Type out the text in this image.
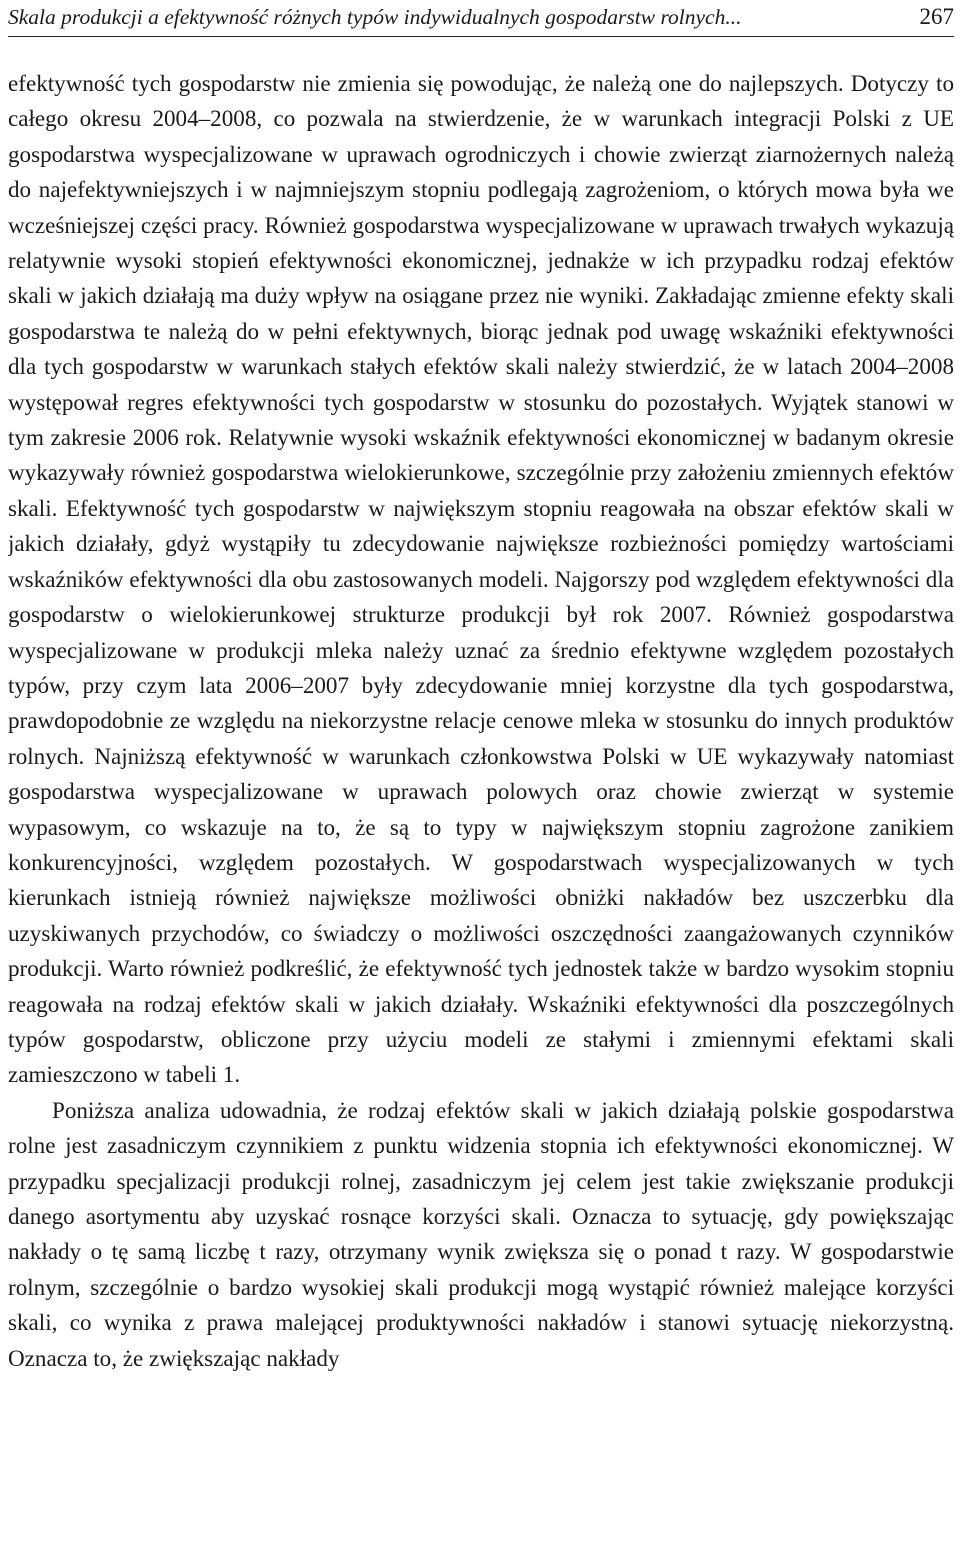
Skala produkcji a efektywność różnych typów indywidualnych gospodarstw rolnych...	267

efektywność tych gospodarstw nie zmienia się powodując, że należą one do najlepszych. Dotyczy to całego okresu 2004–2008, co pozwala na stwierdzenie, że w warunkach integracji Polski z UE gospodarstwa wyspecjalizowane w uprawach ogrodniczych i chowie zwierząt ziarnożernych należą do najefektywniejszych i w najmniejszym stopniu podlegają zagrożeniom, o których mowa była we wcześniejszej części pracy. Również gospodarstwa wyspecjalizowane w uprawach trwałych wykazują relatywnie wysoki stopień efektywności ekonomicznej, jednakże w ich przypadku rodzaj efektów skali w jakich działają ma duży wpływ na osiągane przez nie wyniki. Zakładając zmienne efekty skali gospodarstwa te należą do w pełni efektywnych, biorąc jednak pod uwagę wskaźniki efektywności dla tych gospodarstw w warunkach stałych efektów skali należy stwierdzić, że w latach 2004–2008 występował regres efektywności tych gospodarstw w stosunku do pozostałych. Wyjątek stanowi w tym zakresie 2006 rok. Relatywnie wysoki wskaźnik efektywności ekonomicznej w badanym okresie wykazywały również gospodarstwa wielokierunkowe, szczególnie przy założeniu zmiennych efektów skali. Efektywność tych gospodarstw w największym stopniu reagowała na obszar efektów skali w jakich działały, gdyż wystąpiły tu zdecydowanie największe rozbieżności pomiędzy wartościami wskaźników efektywności dla obu zastosowanych modeli. Najgorszy pod względem efektywności dla gospodarstw o wielokierunkowej strukturze produkcji był rok 2007. Również gospodarstwa wyspecjalizowane w produkcji mleka należy uznać za średnio efektywne względem pozostałych typów, przy czym lata 2006–2007 były zdecydowanie mniej korzystne dla tych gospodarstwa, prawdopodobnie ze względu na niekorzystne relacje cenowe mleka w stosunku do innych produktów rolnych. Najniższą efektywność w warunkach członkowstwa Polski w UE wykazywały natomiast gospodarstwa wyspecjalizowane w uprawach polowych oraz chowie zwierząt w systemie wypasowym, co wskazuje na to, że są to typy w największym stopniu zagrożone zanikiem konkurencyjności, względem pozostałych. W gospodarstwach wyspecjalizowanych w tych kierunkach istnieją również największe możliwości obniżki nakładów bez uszczerbku dla uzyskiwanych przychodów, co świadczy o możliwości oszczędności zaangażowanych czynników produkcji. Warto również podkreślić, że efektywność tych jednostek także w bardzo wysokim stopniu reagowała na rodzaj efektów skali w jakich działały. Wskaźniki efektywności dla poszczególnych typów gospodarstw, obliczone przy użyciu modeli ze stałymi i zmiennymi efektami skali zamieszczono w tabeli 1.

Poniższa analiza udowadnia, że rodzaj efektów skali w jakich działają polskie gospodarstwa rolne jest zasadniczym czynnikiem z punktu widzenia stopnia ich efektywności ekonomicznej. W przypadku specjalizacji produkcji rolnej, zasadniczym jej celem jest takie zwiększanie produkcji danego asortymentu aby uzyskać rosnące korzyści skali. Oznacza to sytuację, gdy powiększając nakłady o tę samą liczbę t razy, otrzymany wynik zwiększa się o ponad t razy. W gospodarstwie rolnym, szczególnie o bardzo wysokiej skali produkcji mogą wystąpić również malejące korzyści skali, co wynika z prawa malejącej produktywności nakładów i stanowi sytuację niekorzystną. Oznacza to, że zwiększając nakłady
